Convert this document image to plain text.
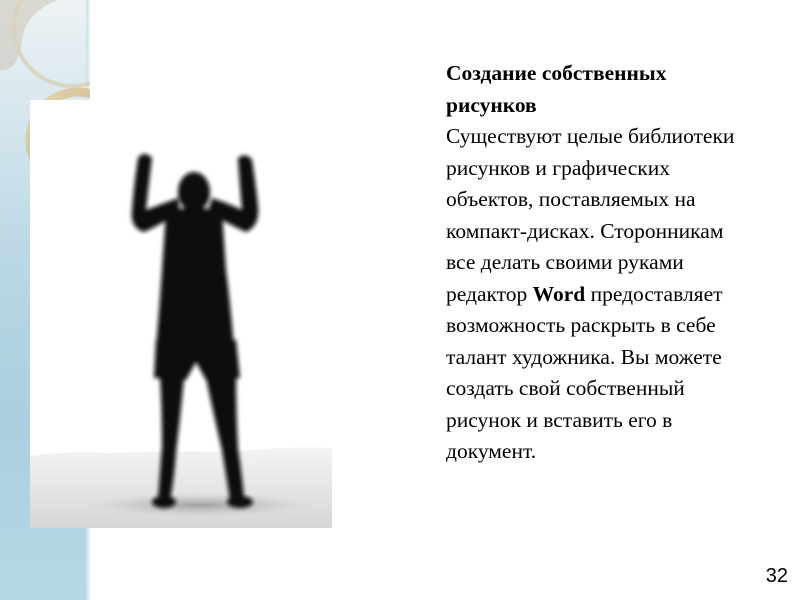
Создание собственных рисунков
Существуют целые библиотеки рисунков и графических объектов, поставляемых на компакт-дисках. Сторонникам все делать своими руками редактор Word предоставляет возможность раскрыть в себе талант художника. Вы можете создать свой собственный рисунок и вставить его в документ.
32
